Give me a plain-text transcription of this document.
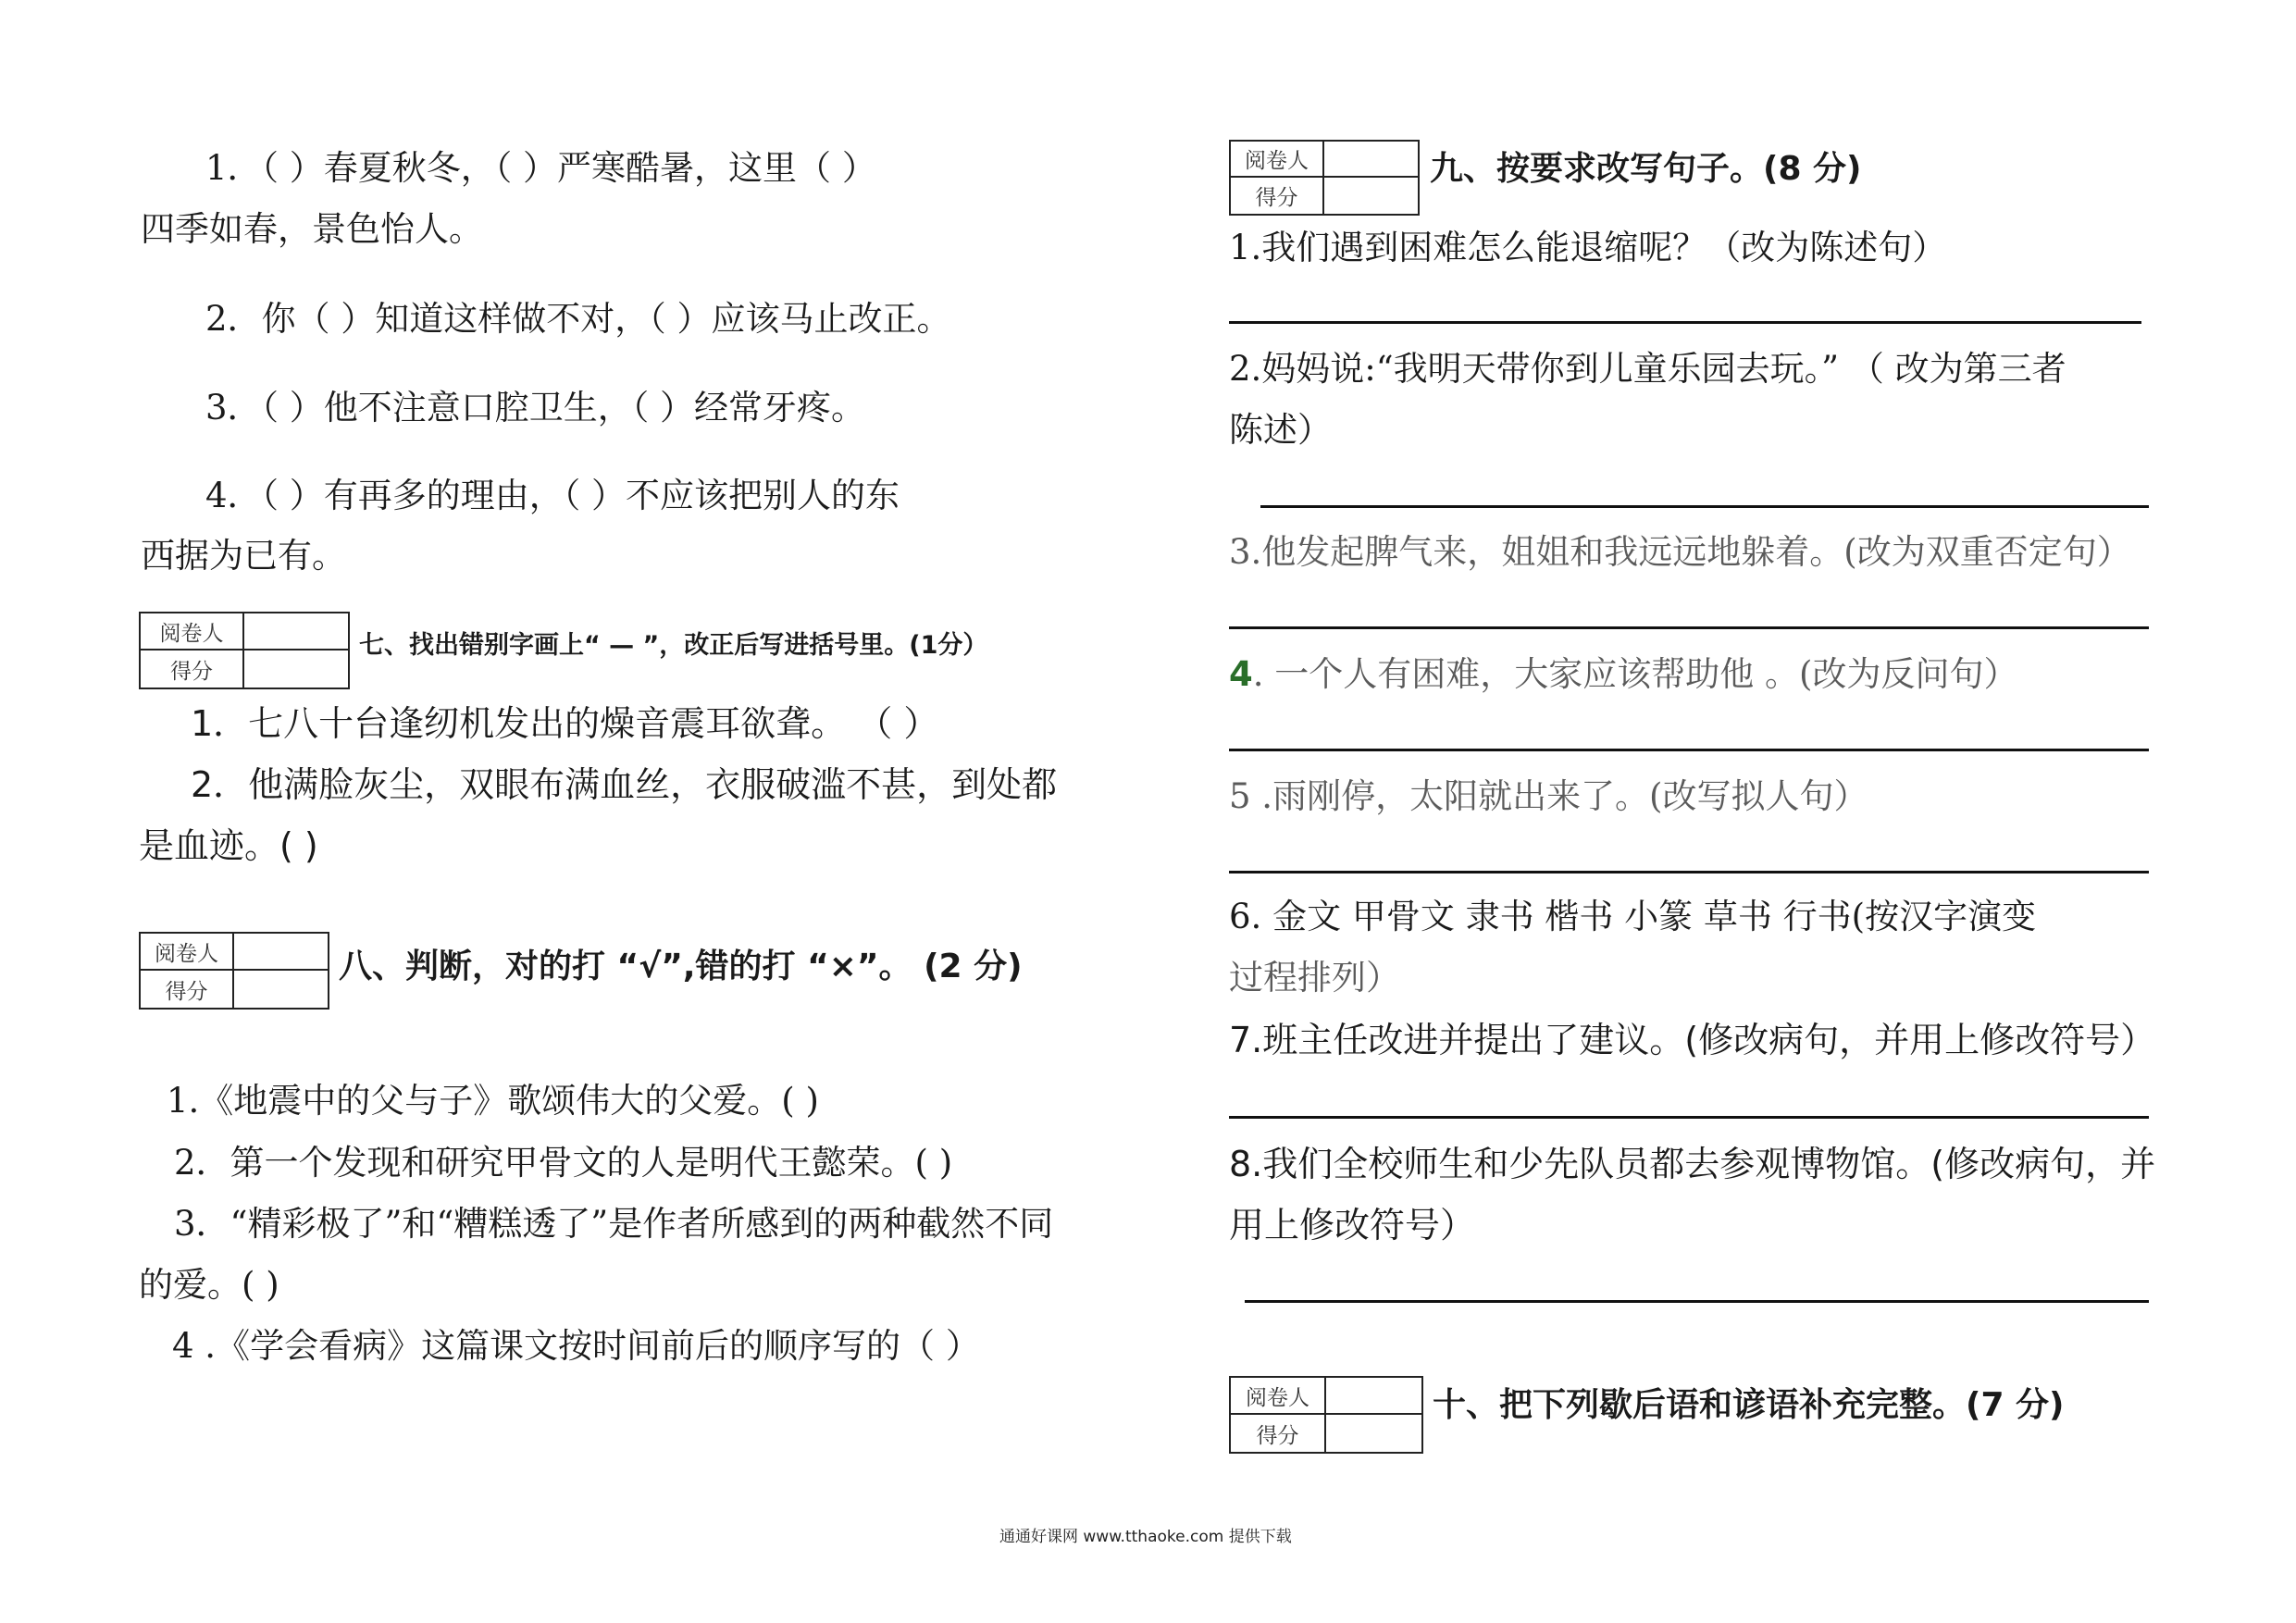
1．（ ）春夏秋冬，（ ）严寒酷暑，这里（ ）
四季如春，景色怡人。
2．你（ ）知道这样做不对，（ ）应该马止改正。
3．（ ）他不注意口腔卫生，（ ）经常牙疼。
4．（ ）有再多的理由，（ ）不应该把别人的东
西据为已有。
阅卷人
得分
七、找出错别字画上“ — ”，改正后写进括号里。(1分）
1．七八十台逢纫机发出的燥音震耳欲聋。 （ ）
2．他满脸灰尘，双眼布满血丝，衣服破滥不甚，到处都
是血迹。( )
阅卷人
得分
八、判断，对的打 “√”,错的打 “×”。 (2 分)
1.《地震中的父与子》歌颂伟大的父爱。( )
2．第一个发现和研究甲骨文的人是明代王懿荣。( )
3．“精彩极了”和“糟糕透了”是作者所感到的两种截然不同
的爱。( )
4 .《学会看病》这篇课文按时间前后的顺序写的（ ）
阅卷人
得分
九、按要求改写句子。(8 分)
1.我们遇到困难怎么能退缩呢？（改为陈述句）
2.妈妈说:“我明天带你到儿童乐园去玩。” （ 改为第三者
陈述）
3.他发起脾气来，姐姐和我远远地躲着。(改为双重否定句）
4. 一个人有困难，大家应该帮助他 。(改为反问句）
5 .雨刚停，太阳就出来了。(改写拟人句）
6. 金文 甲骨文 隶书 楷书 小篆 草书 行书(按汉字演变
过程排列）
7.班主任改进并提出了建议。(修改病句，并用上修改符号）
8.我们全校师生和少先队员都去参观博物馆。(修改病句，并
用上修改符号）
阅卷人
得分
十、把下列歇后语和谚语补充完整。(7 分)
通通好课网 www.tthaoke.com 提供下载
